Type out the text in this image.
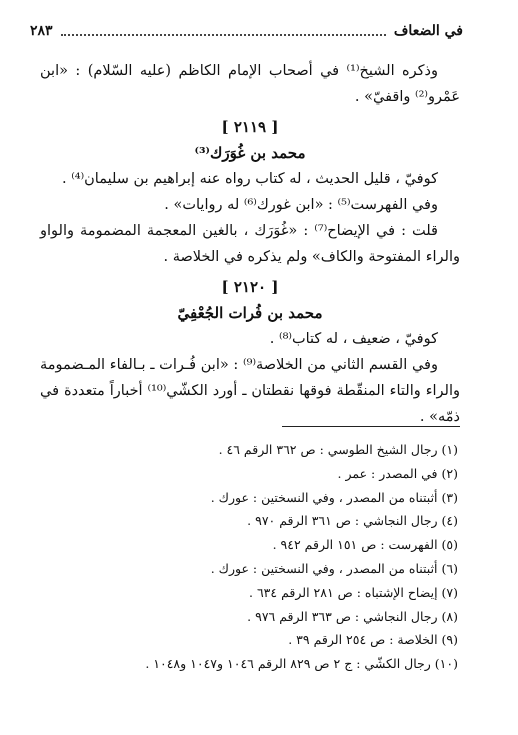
في الضعاف
٢٨٣

وذكره الشيخ⁽¹⁾ في أصحاب الإمام الكاظم (عليه السّلام) : «ابن عَمْرو⁽²⁾ واقفيّ» .

[ ٢١١٩ ]

محمد بن غُوَرَك⁽³⁾

كوفيّ ، قليل الحديث ، له كتاب رواه عنه إبراهيم بن سليمان⁽⁴⁾ .

وفي الفهرست⁽⁵⁾ : «ابن غورك⁽⁶⁾ له روايات» .

قلت : في الإيضاح⁽⁷⁾ : «غُوَرَك ، بالغين المعجمة المضمومة والواو والراء المفتوحة والكاف» ولم يذكره في الخلاصة .

[ ٢١٢٠ ]

محمد بن فُرات الجُعْفِيّ

كوفيّ ، ضعيف ، له كتاب⁽⁸⁾ .

وفي القسم الثاني من الخلاصة⁽⁹⁾ : «ابن فُـرات ـ بـالفاء المـضمومة والراء والتاء المنقّطة فوقها نقطتان ـ أورد الكشّي⁽¹⁰⁾ أخباراً متعددة في ذمّه» .

(١) رجال الشيخ الطوسي : ص ٣٦٢ الرقم ٤٦ .

(٢) في المصدر : عمر .

(٣) أثبتناه من المصدر ، وفي النسختين : عورك .

(٤) رجال النجاشي : ص ٣٦١ الرقم ٩٧٠ .

(٥) الفهرست : ص ١٥١ الرقم ٩٤٢ .

(٦) أثبتناه من المصدر ، وفي النسختين : عورك .

(٧) إيضاح الإشتباه : ص ٢٨١ الرقم ٦٣٤ .

(٨) رجال النجاشي : ص ٣٦٣ الرقم ٩٧٦ .

(٩) الخلاصة : ص ٢٥٤ الرقم ٣٩ .

(١٠) رجال الكشّي : ج ٢ ص ٨٢٩ الرقم ١٠٤٦ و١٠٤٧ و١٠٤٨ .
